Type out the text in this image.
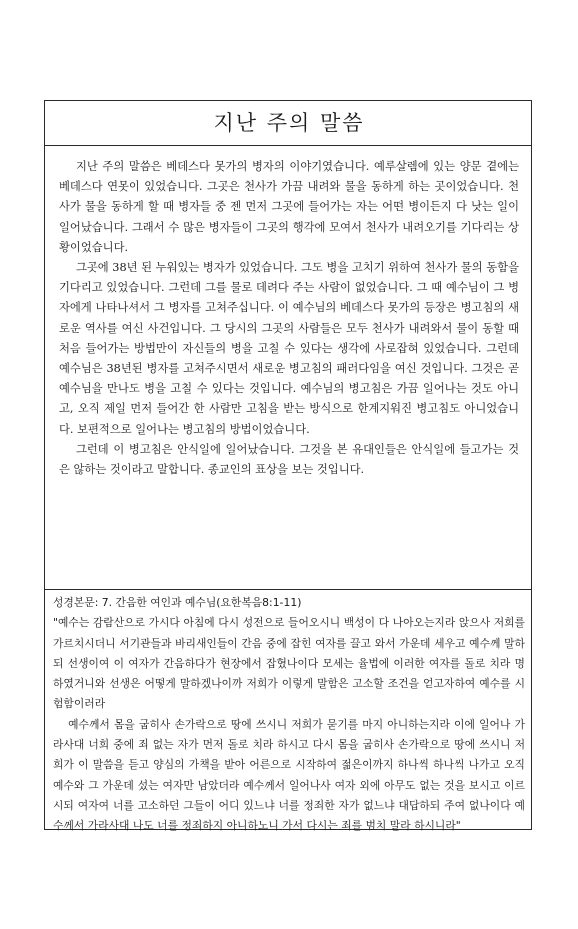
지난 주의 말씀

지난 주의 말씀은 베데스다 못가의 병자의 이야기였습니다. 예루살렘에 있는 양문 곁에는 베데스다 연못이 있었습니다. 그곳은 천사가 가끔 내려와 물을 동하게 하는 곳이었습니다. 천사가 물을 동하게 할 때 병자들 중 젠 먼저 그곳에 들어가는 자는 어떤 병이든지 다 낫는 일이 일어났습니다. 그래서 수 많은 병자들이 그곳의 행각에 모여서 천사가 내려오기를 기다리는 상황이었습니다.

그곳에 38년 된 누워있는 병자가 있었습니다. 그도 병을 고치기 위하여 천사가 물의 동함을 기다리고 있었습니다. 그런데 그를 물로 데려다 주는 사람이 없었습니다. 그 때 예수님이 그 병자에게 나타나셔서 그 병자를 고쳐주십니다. 이 예수님의 베데스다 못가의 등장은 병고침의 새로운 역사를 여신 사건입니다. 그 당시의 그곳의 사람들은 모두 천사가 내려와서 물이 동할 때 처음 들어가는 방법만이 자신들의 병을 고칠 수 있다는 생각에 사로잡혀 있었습니다. 그런데 예수님은 38년된 병자를 고쳐주시면서 새로운 병고침의 패러다임을 여신 것입니다. 그것은 곧 예수님을 만나도 병을 고칠 수 있다는 것입니다. 예수님의 병고침은 가끔 일어나는 것도 아니고, 오직 제일 먼저 들어간 한 사람만 고침을 받는 방식으로 한계지워진 병고침도 아니었습니다. 보편적으로 일어나는 병고침의 방법이었습니다.

그런데 이 병고침은 안식일에 일어났습니다. 그것을 본 유대인들은 안식일에 들고가는 것은 않하는 것이라고 말합니다. 종교인의 표상을 보는 것입니다.

성경본문: 7. 간음한 여인과 예수님(요한복음8:1-11)

"예수는 감람산으로 가시다 아침에 다시 성전으로 들어오시니 백성이 다 나아오는지라 앉으사 저희를 가르치시더니 서기관들과 바리새인들이 간음 중에 잡힌 여자를 끌고 와서 가운데 세우고 예수께 말하되 선생이여 이 여자가 간음하다가 현장에서 잡혔나이다 모세는 율법에 이러한 여자를 돌로 치라 명하였거니와 선생은 어떻게 말하겠나이까 저희가 이렇게 말함은 고소할 조건을 얻고자하여 예수를 시험함이러라

예수께서 몸을 굽히사 손가락으로 땅에 쓰시니 저희가 묻기를 마지 아니하는지라 이에 일어나 가라사대 너희 중에 죄 없는 자가 먼저 돌로 치라 하시고 다시 몸을 굽히사 손가락으로 땅에 쓰시니 저희가 이 말씀을 듣고 양심의 가책을 받아 어른으로 시작하여 젊은이까지 하나씩 하나씩 나가고 오직 예수와 그 가운데 섰는 여자만 남았더라 예수께서 일어나사 여자 외에 아무도 없는 것을 보시고 이르시되 여자여 너를 고소하던 그들이 어디 있느냐 너를 정죄한 자가 없느냐 대답하되 주여 없나이다 예수께서 가라사대 나도 너를 정죄하지 아니하노니 가서 다시는 죄를 범치 말라 하시니라"
